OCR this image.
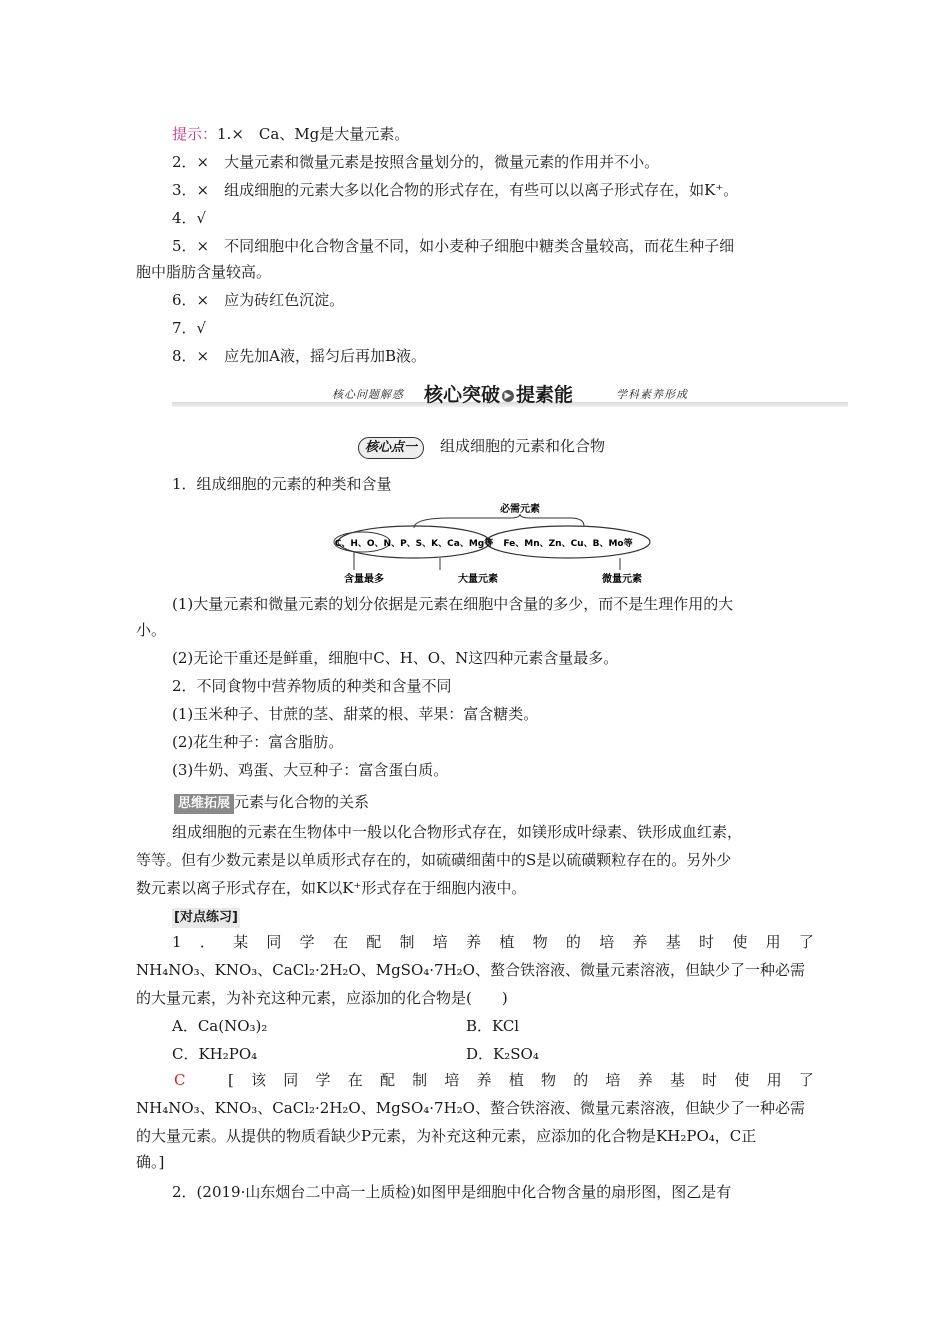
提示：1.×　Ca、Mg是大量元素。
2．×　大量元素和微量元素是按照含量划分的，微量元素的作用并不小。
3．×　组成细胞的元素大多以化合物的形式存在，有些可以以离子形式存在，如K⁺。
4．√
5．×　不同细胞中化合物含量不同，如小麦种子细胞中糖类含量较高，而花生种子细
胞中脂肪含量较高。
6．×　应为砖红色沉淀。
7．√
8．×　应先加A液，摇匀后再加B液。
核心问题解惑 核心突破 ▶ 提素能	学科素养形成
核心点一 组成细胞的元素和化合物
1．组成细胞的元素的种类和含量
必需元素
C、H、O、N、P、S、K、Ca、Mg等 Fe、Mn、Zn、Cu、B、Mo等
含量最多	大量元素	微量元素
(1)大量元素和微量元素的划分依据是元素在细胞中含量的多少，而不是生理作用的大
小。
(2)无论干重还是鲜重，细胞中C、H、O、N这四种元素含量最多。
2．不同食物中营养物质的种类和含量不同
(1)玉米种子、甘蔗的茎、甜菜的根、苹果：富含糖类。
(2)花生种子：富含脂肪。
(3)牛奶、鸡蛋、大豆种子：富含蛋白质。
思维拓展 元素与化合物的关系
组成细胞的元素在生物体中一般以化合物形式存在，如镁形成叶绿素、铁形成血红素，
等等。但有少数元素是以单质形式存在的，如硫磺细菌中的S是以硫磺颗粒存在的。另外少
数元素以离子形式存在，如K以K⁺形式存在于细胞内液中。
[对点练习]
1 ． 某 同 学 在 配 制 培 养 植 物 的 培 养 基 时 使 用 了
NH₄NO₃、KNO₃、CaCl₂·2H₂O、MgSO₄·7H₂O、螯合铁溶液、微量元素溶液，但缺少了一种必需
的大量元素，为补充这种元素，应添加的化合物是(　　)
A．Ca(NO₃)₂	B．KCl
C．KH₂PO₄	D．K₂SO₄
C	[ 该 同 学 在 配 制 培 养 植 物 的 培 养 基 时 使 用 了
NH₄NO₃、KNO₃、CaCl₂·2H₂O、MgSO₄·7H₂O、螯合铁溶液、微量元素溶液，但缺少了一种必需
的大量元素。从提供的物质看缺少P元素，为补充这种元素，应添加的化合物是KH₂PO₄，C正
确。]
2．(2019·山东烟台二中高一上质检)如图甲是细胞中化合物含量的扇形图，图乙是有
